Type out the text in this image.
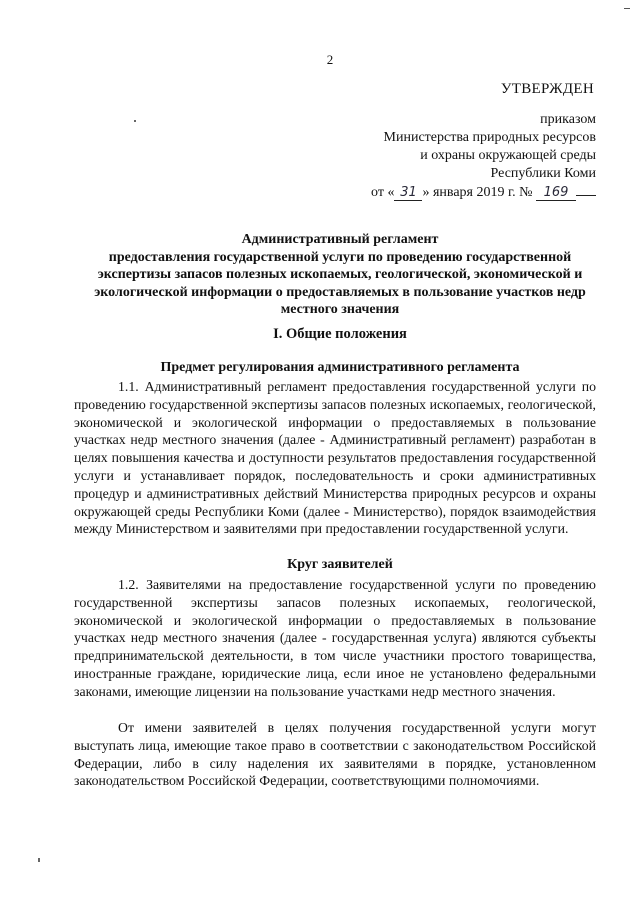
2
УТВЕРЖДЕН
приказом
Министерства природных ресурсов
и охраны окружающей среды
Республики Коми
от « 31 » января 2019 г. № 169
Административный регламент
предоставления государственной услуги по проведению государственной
экспертизы запасов полезных ископаемых, геологической, экономической и
экологической информации о предоставляемых в пользование участков недр
местного значения
I. Общие положения
Предмет регулирования административного регламента
1.1. Административный регламент предоставления государственной услуги по проведению государственной экспертизы запасов полезных ископаемых, геологической, экономической и экологической информации о предоставляемых в пользование участках недр местного значения (далее - Административный регламент) разработан в целях повышения качества и доступности результатов предоставления государственной услуги и устанавливает порядок, последовательность и сроки административных процедур и административных действий Министерства природных ресурсов и охраны окружающей среды Республики Коми (далее - Министерство), порядок взаимодействия между Министерством и заявителями при предоставлении государственной услуги.
Круг заявителей
1.2. Заявителями на предоставление государственной услуги по проведению государственной экспертизы запасов полезных ископаемых, геологической, экономической и экологической информации о предоставляемых в пользование участках недр местного значения (далее - государственная услуга) являются субъекты предпринимательской деятельности, в том числе участники простого товарищества, иностранные граждане, юридические лица, если иное не установлено федеральными законами, имеющие лицензии на пользование участками недр местного значения.
От имени заявителей в целях получения государственной услуги могут выступать лица, имеющие такое право в соответствии с законодательством Российской Федерации, либо в силу наделения их заявителями в порядке, установленном законодательством Российской Федерации, соответствующими полномочиями.
